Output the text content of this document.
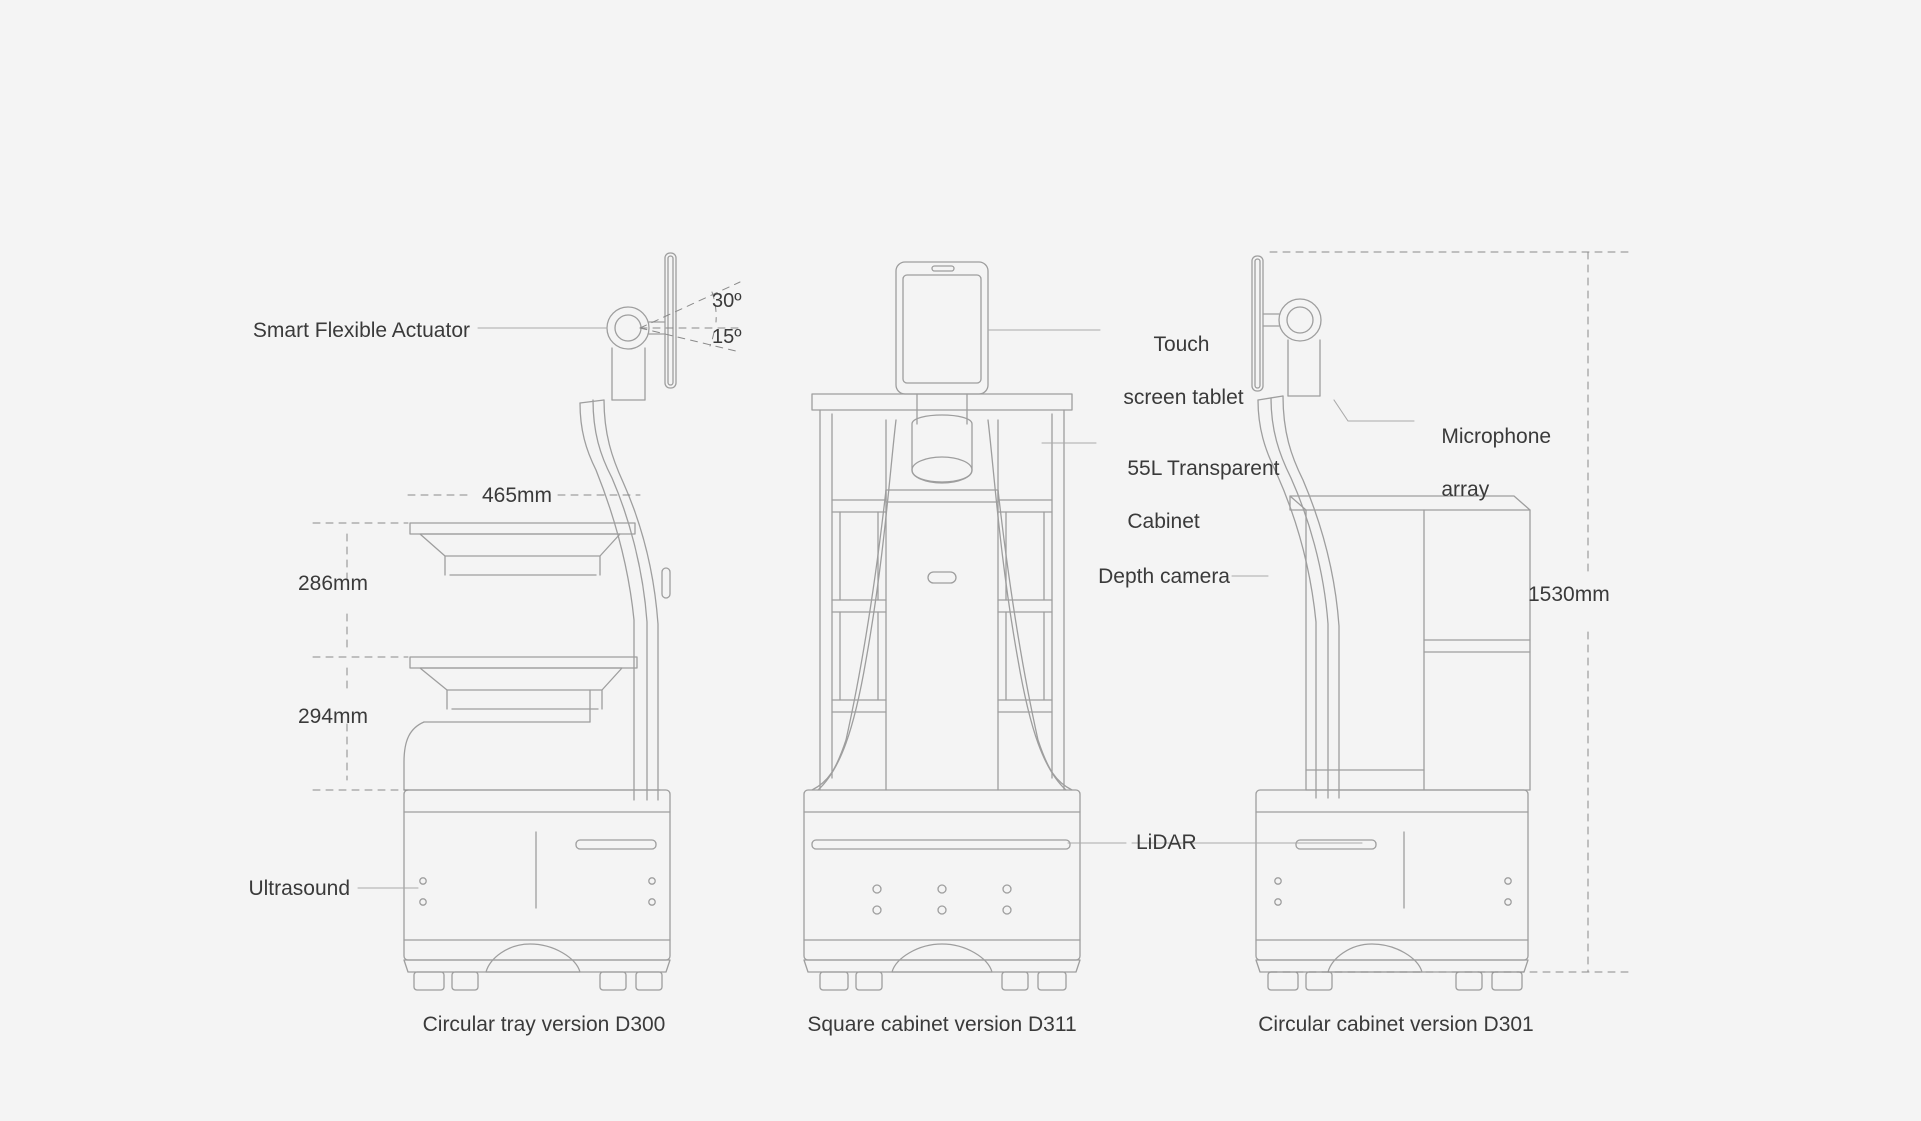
Smart Flexible Actuator
Ultrasound
30º
15º
465mm
286mm
294mm
1530mm

Touch

screen tablet

55L Transparent

Cabinet

LiDAR

Microphone

array

Depth camera
Circular tray version D300	Square cabinet version D311	Circular cabinet version D301
